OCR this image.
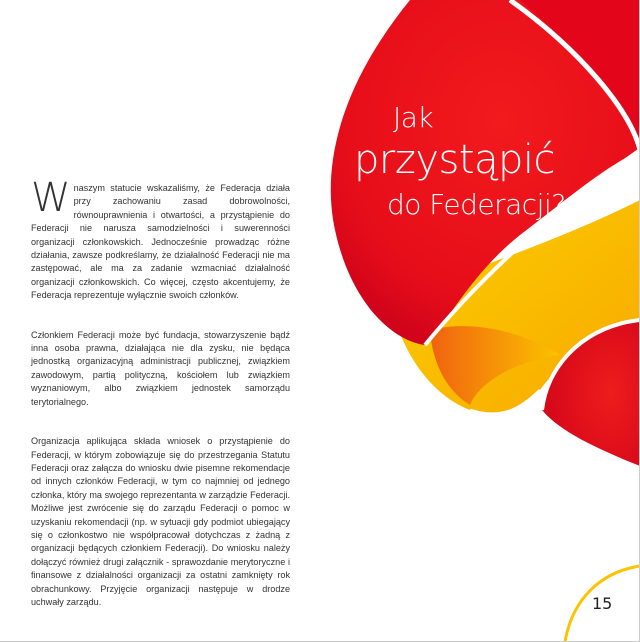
Jak
przystąpić
do Federacji?

Wnaszym statucie wskazaliśmy, że Federacja działa przy zachowaniu zasad dobrowolności, równouprawnienia i otwartości, a przystąpienie do Federacji nie narusza samodzielności i suwerenności organizacji członkowskich. Jednocześnie prowadząc różne działania, zawsze podkreślamy, że działalność Federacji nie ma zastępować, ale ma za zadanie wzmacniać działalność organizacji członkowskich. Co więcej, często akcentujemy, że Federacja reprezentuje wyłącznie swoich członków.

Członkiem Federacji może być fundacja, stowarzyszenie bądź inna osoba prawna, działająca nie dla zysku, nie będąca jednostką organizacyjną administracji publicznej, związkiem zawodowym, partią polityczną, kościołem lub związkiem wyznaniowym, albo związkiem jednostek samorządu terytorialnego.

Organizacja aplikująca składa wniosek o przystąpienie do Federacji, w którym zobowiązuje się do przestrzegania Statutu Federacji oraz załącza do wniosku dwie pisemne rekomendacje od innych członków Federacji, w tym co najmniej od jednego członka, który ma swojego reprezentanta w zarządzie Federacji. Możliwe jest zwrócenie się do zarządu Federacji o pomoc w uzyskaniu rekomendacji (np. w sytuacji gdy podmiot ubiegający się o członkostwo nie współpracował dotychczas z żadną z organizacji będących członkiem Federacji). Do wniosku należy dołączyć również drugi załącznik - sprawozdanie merytoryczne i finansowe z działalności organizacji za ostatni zamknięty rok obrachunkowy. Przyjęcie organizacji następuje w drodze uchwały zarządu.	15
